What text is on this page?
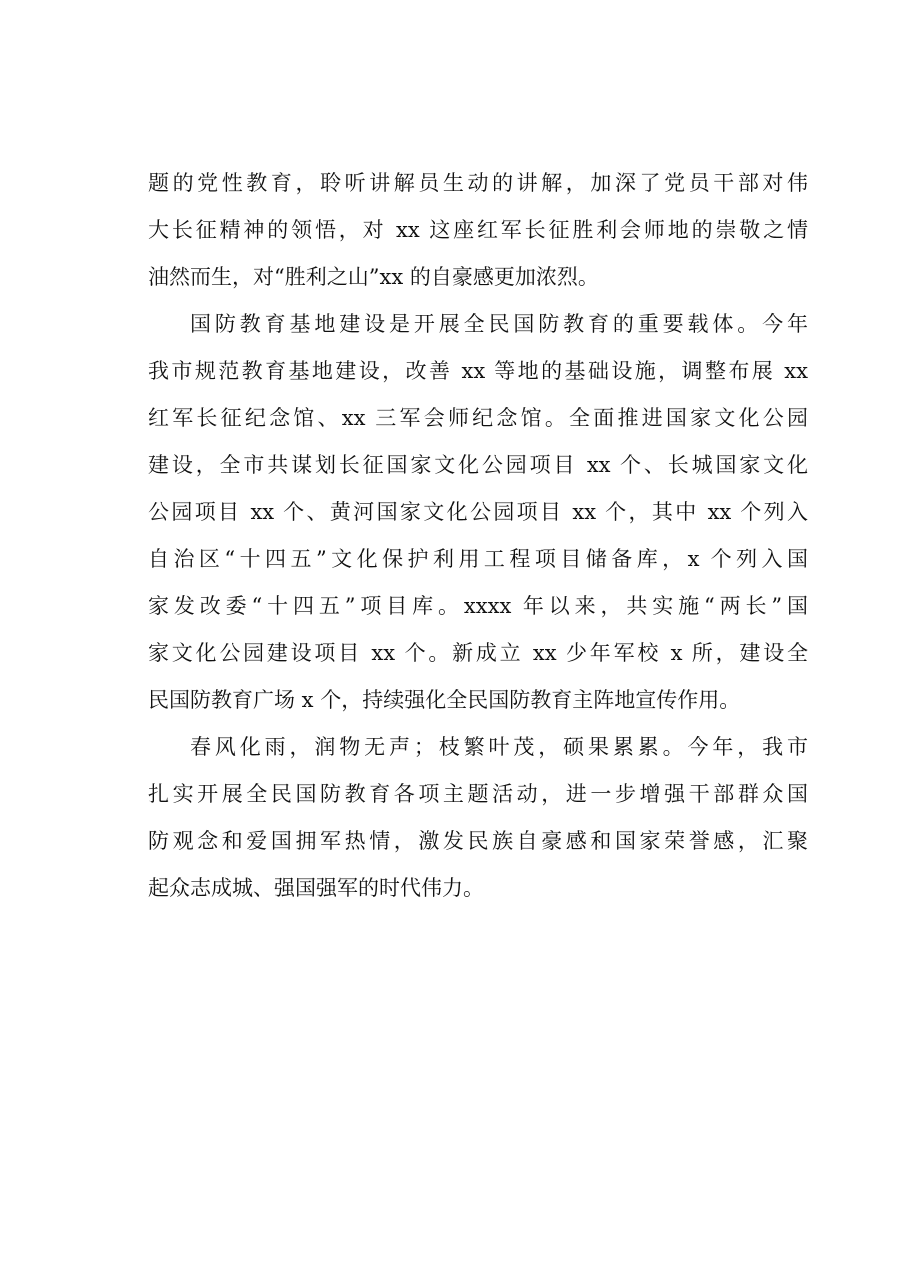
题的党性教育，聆听讲解员生动的讲解，加深了党员干部对伟
大长征精神的领悟，对 xx 这座红军长征胜利会师地的崇敬之情
油然而生，对“胜利之山”xx 的自豪感更加浓烈。
国防教育基地建设是开展全民国防教育的重要载体。今年
我市规范教育基地建设，改善 xx 等地的基础设施，调整布展 xx
红军长征纪念馆、xx 三军会师纪念馆。全面推进国家文化公园
建设，全市共谋划长征国家文化公园项目 xx 个、长城国家文化
公园项目 xx 个、黄河国家文化公园项目 xx 个，其中 xx 个列入
自治区“十四五”文化保护利用工程项目储备库，x 个列入国
家发改委“十四五”项目库。xxxx 年以来，共实施“两长”国
家文化公园建设项目 xx 个。新成立 xx 少年军校 x 所，建设全
民国防教育广场 x 个，持续强化全民国防教育主阵地宣传作用。
春风化雨，润物无声；枝繁叶茂，硕果累累。今年，我市
扎实开展全民国防教育各项主题活动，进一步增强干部群众国
防观念和爱国拥军热情，激发民族自豪感和国家荣誉感，汇聚
起众志成城、强国强军的时代伟力。
